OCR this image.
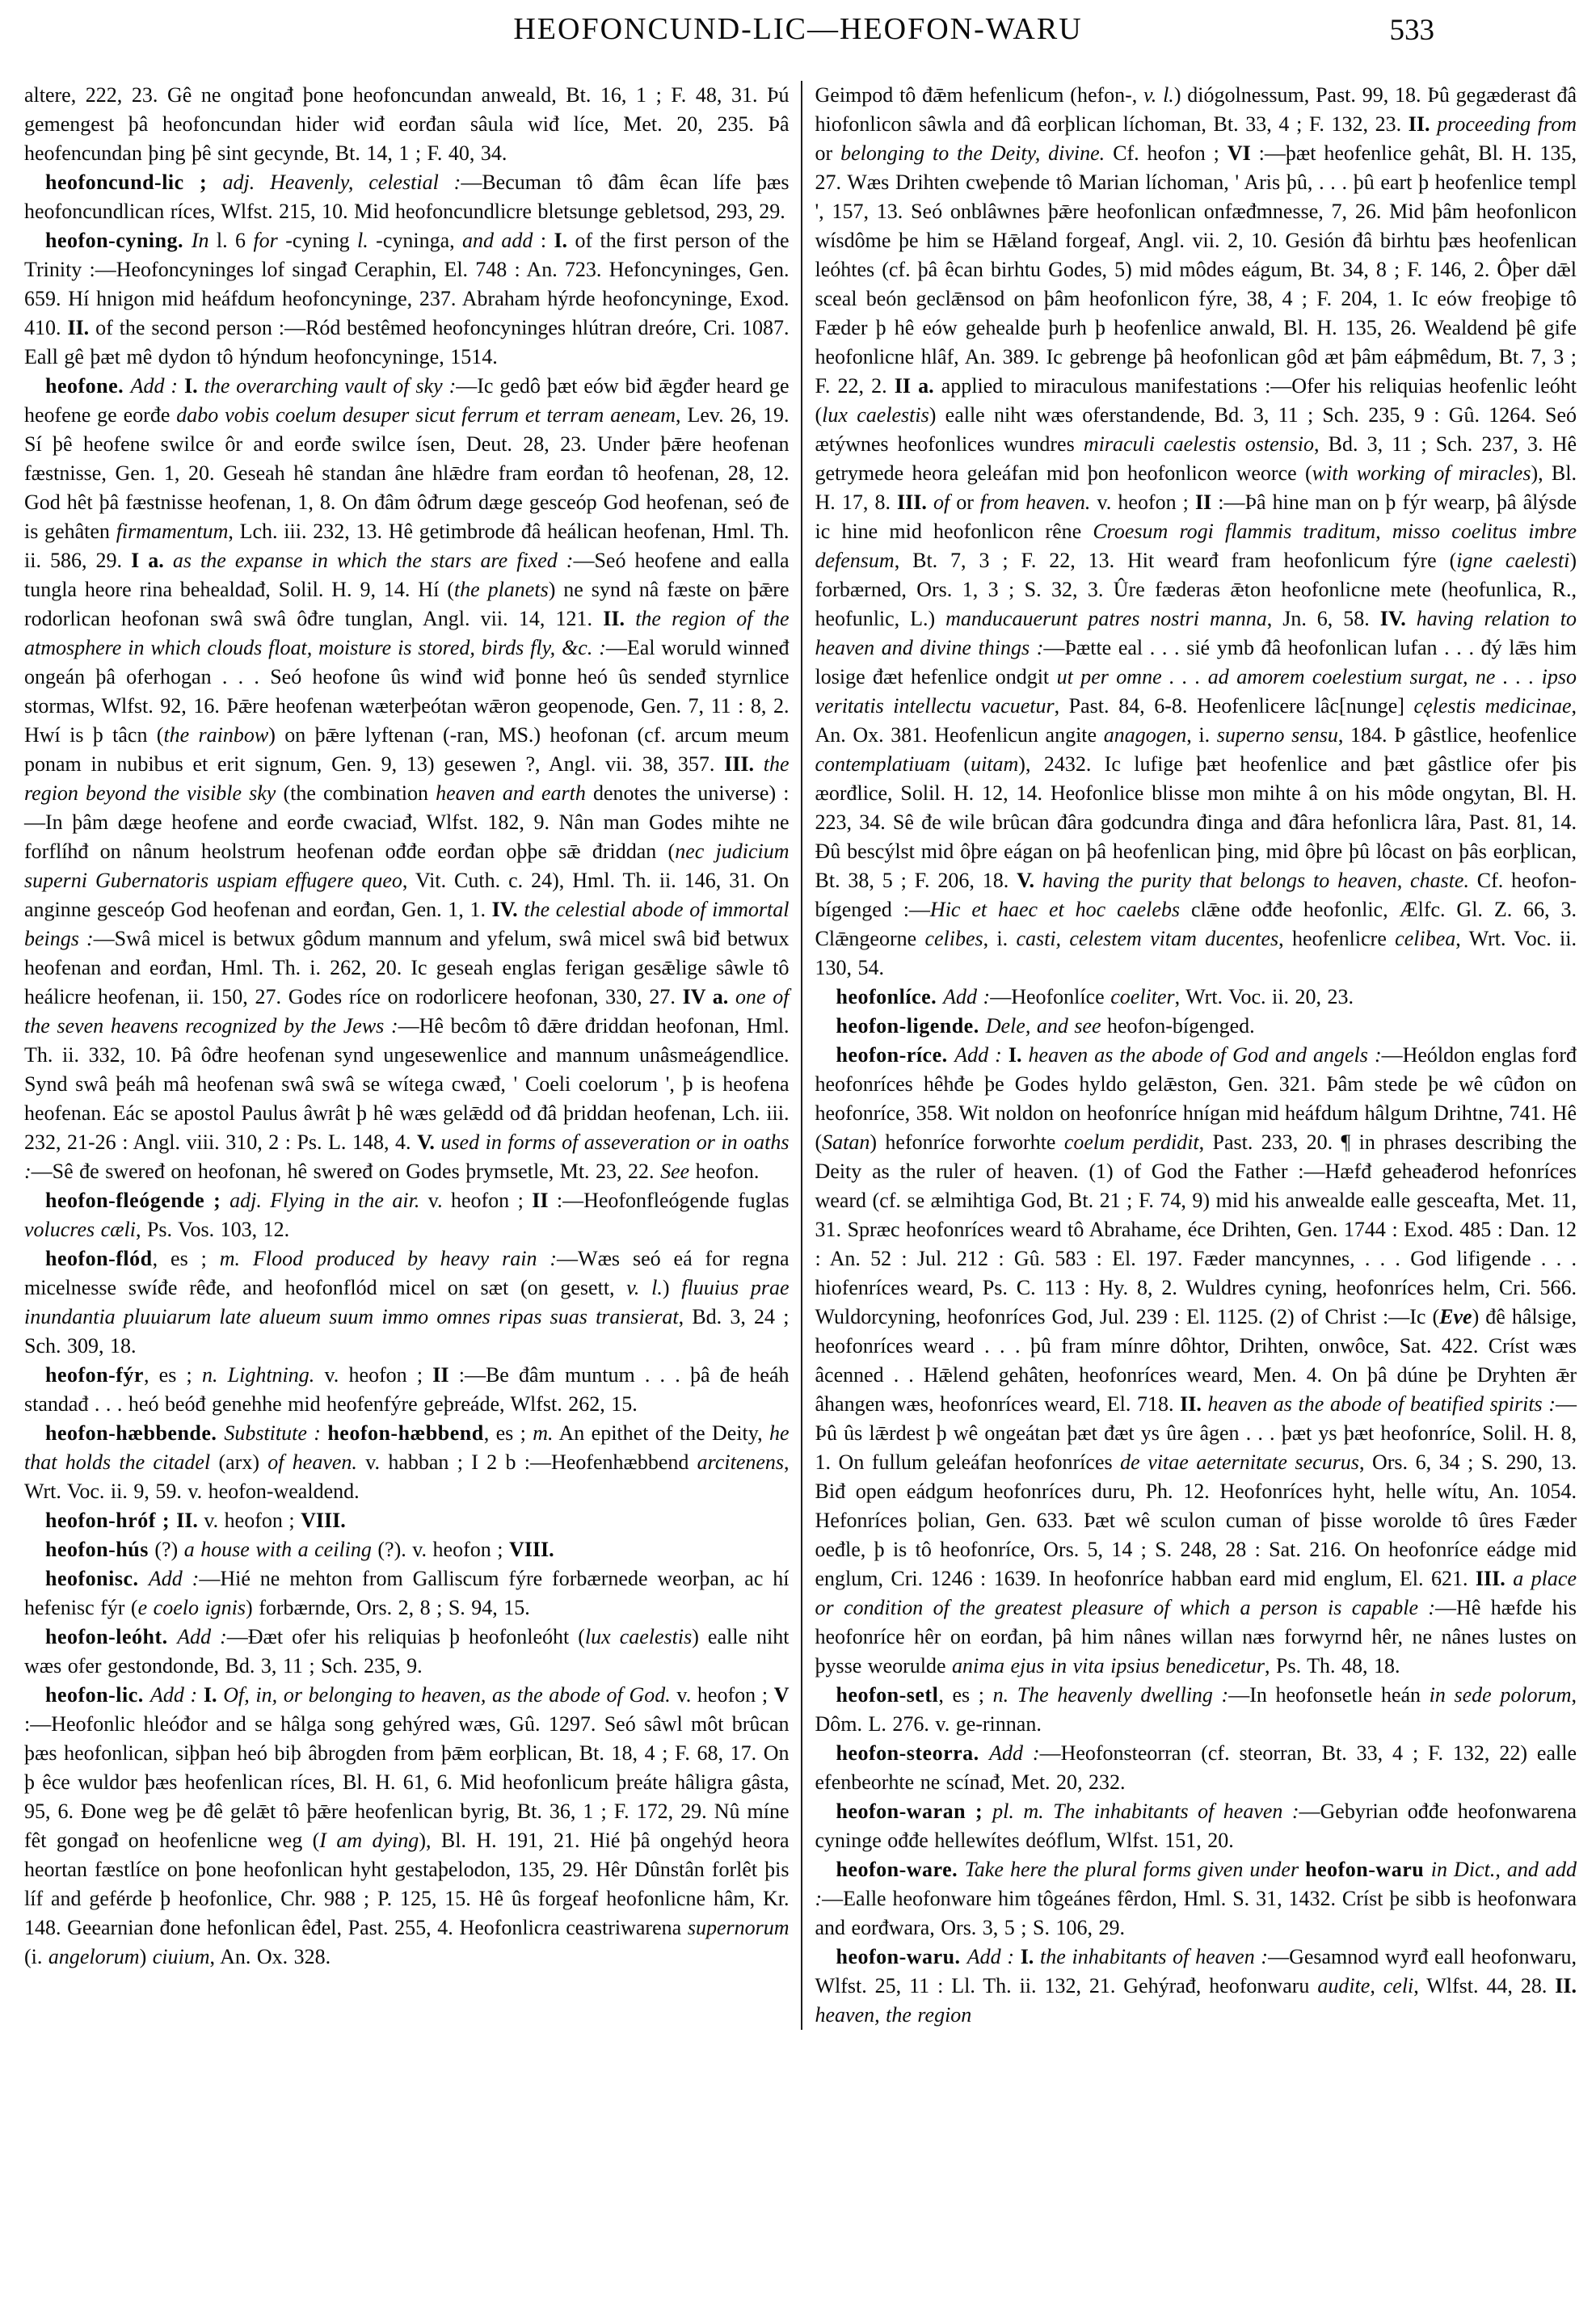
HEOFONCUND-LIC—HEOFON-WARU	533

altere, 222, 23. Gê ne ongitađ þone heofoncundan anweald, Bt. 16, 1 ; F. 48, 31. Þú gemengest þâ heofoncundan hider wiđ eorđan sâula wiđ líce, Met. 20, 235. Þâ heofencundan þing þê sint gecynde, Bt. 14, 1 ; F. 40, 34.

heofoncund-lic ; adj. Heavenly, celestial :—Becuman tô đâm êcan lífe þæs heofoncundlican ríces, Wlfst. 215, 10. Mid heofoncundlicre bletsunge gebletsod, 293, 29.

heofon-cyning. In l. 6 for -cyning l. -cyninga, and add : I. of the first person of the Trinity :—Heofoncyninges lof singađ Ceraphin, El. 748 : An. 723. Hefoncyninges, Gen. 659. Hí hnigon mid heáfdum heofoncyninge, 237. Abraham hýrde heofoncyninge, Exod. 410. II. of the second person :—Ród bestêmed heofoncyninges hlútran dreóre, Cri. 1087. Eall gê þæt mê dydon tô hýndum heofoncyninge, 1514.

heofone. Add : I. the overarching vault of sky :—Ic gedô þæt eów biđ ǣgđer heard ge heofene ge eorđe dabo vobis coelum desuper sicut ferrum et terram aeneam, Lev. 26, 19. Sí þê heofene swilce ôr and eorđe swilce ísen, Deut. 28, 23. Under þǣre heofenan fæstnisse, Gen. 1, 20. Geseah hê standan âne hlǣdre fram eorđan tô heofenan, 28, 12. God hêt þâ fæstnisse heofenan, 1, 8. On đâm ôđrum dæge gesceóp God heofenan, seó đe is gehâten firmamentum, Lch. iii. 232, 13. Hê getimbrode đâ heálican heofenan, Hml. Th. ii. 586, 29. I a. as the expanse in which the stars are fixed :—Seó heofene and ealla tungla heore rina behealdađ, Solil. H. 9, 14. Hí (the planets) ne synd nâ fæste on þǣre rodorlican heofonan swâ swâ ôđre tunglan, Angl. vii. 14, 121. II. the region of the atmosphere in which clouds float, moisture is stored, birds fly, &c. :—Eal woruld winneđ ongeán þâ oferhogan . . . Seó heofone ûs winđ wiđ þonne heó ûs sendeđ styrnlice stormas, Wlfst. 92, 16. Þǣre heofenan wæterþeótan wǣron geopenode, Gen. 7, 11 : 8, 2. Hwí is þ tâcn (the rainbow) on þǣre lyftenan (-ran, MS.) heofonan (cf. arcum meum ponam in nubibus et erit signum, Gen. 9, 13) gesewen ?, Angl. vii. 38, 357. III. the region beyond the visible sky (the combination heaven and earth denotes the universe) :—In þâm dæge heofene and eorđe cwaciađ, Wlfst. 182, 9. Nân man Godes mihte ne forflíhđ on nânum heolstrum heofenan ođđe eorđan oþþe sǣ đriddan (nec judicium superni Gubernatoris uspiam effugere queo, Vit. Cuth. c. 24), Hml. Th. ii. 146, 31. On anginne gesceóp God heofenan and eorđan, Gen. 1, 1. IV. the celestial abode of immortal beings :—Swâ micel is betwux gôdum mannum and yfelum, swâ micel swâ biđ betwux heofenan and eorđan, Hml. Th. i. 262, 20. Ic geseah englas ferigan gesǣlige sâwle tô heálicre heofenan, ii. 150, 27. Godes ríce on rodorlicere heofonan, 330, 27. IV a. one of the seven heavens recognized by the Jews :—Hê becôm tô đǣre đriddan heofonan, Hml. Th. ii. 332, 10. Þâ ôđre heofenan synd ungesewenlice and mannum unâsmeágendlice. Synd swâ þeáh mâ heofenan swâ swâ se wítega cwæđ, ' Coeli coelorum ', þ is heofena heofenan. Eác se apostol Paulus âwrât þ hê wæs gelǣdd ođ đâ þriddan heofenan, Lch. iii. 232, 21-26 : Angl. viii. 310, 2 : Ps. L. 148, 4. V. used in forms of asseveration or in oaths :—Sê đe sweređ on heofonan, hê sweređ on Godes þrymsetle, Mt. 23, 22. See heofon.

heofon-fleógende ; adj. Flying in the air. v. heofon ; II :—Heofonfleógende fuglas volucres cæli, Ps. Vos. 103, 12.

heofon-flód, es ; m. Flood produced by heavy rain :—Wæs seó eá for regna micelnesse swíđe rêđe, and heofonflód micel on sæt (on gesett, v. l.) fluuius prae inundantia pluuiarum late alueum suum immo omnes ripas suas transierat, Bd. 3, 24 ; Sch. 309, 18.

heofon-fýr, es ; n. Lightning. v. heofon ; II :—Be đâm muntum . . . þâ đe heáh standađ . . . heó beóđ genehhe mid heofenfýre geþreáde, Wlfst. 262, 15.

heofon-hæbbende. Substitute : heofon-hæbbend, es ; m. An epithet of the Deity, he that holds the citadel (arx) of heaven. v. habban ; I 2 b :—Heofenhæbbend arcitenens, Wrt. Voc. ii. 9, 59. v. heofon-wealdend.

heofon-hróf ; II. v. heofon ; VIII.

heofon-hús (?) a house with a ceiling (?). v. heofon ; VIII.

heofonisc. Add :—Hié ne mehton from Galliscum fýre forbærnede weorþan, ac hí hefenisc fýr (e coelo ignis) forbærnde, Ors. 2, 8 ; S. 94, 15.

heofon-leóht. Add :—Đæt ofer his reliquias þ heofonleóht (lux caelestis) ealle niht wæs ofer gestondonde, Bd. 3, 11 ; Sch. 235, 9.

heofon-lic. Add : I. Of, in, or belonging to heaven, as the abode of God. v. heofon ; V :—Heofonlic hleóđor and se hâlga song gehýred wæs, Gû. 1297. Seó sâwl môt brûcan þæs heofonlican, siþþan heó biþ âbrogden from þǣm eorþlican, Bt. 18, 4 ; F. 68, 17. On þ êce wuldor þæs heofenlican ríces, Bl. H. 61, 6. Mid heofonlicum þreáte hâligra gâsta, 95, 6. Đone weg þe đê gelǣt tô þǣre heofenlican byrig, Bt. 36, 1 ; F. 172, 29. Nû míne fêt gongađ on heofenlicne weg (I am dying), Bl. H. 191, 21. Hié þâ ongehýd heora heortan fæstlíce on þone heofonlican hyht gestaþelodon, 135, 29. Hêr Dûnstân forlêt þis líf and geférde þ heofonlice, Chr. 988 ; P. 125, 15. Hê ûs forgeaf heofonlicne hâm, Kr. 148. Geearnian đone hefonlican êđel, Past. 255, 4. Heofonlicra ceastriwarena supernorum (i. angelorum) ciuium, An. Ox. 328.

Geimpod tô đǣm hefenlicum (hefon-, v. l.) diógolnessum, Past. 99, 18. Þû gegæderast đâ hiofonlicon sâwla and đâ eorþlican líchoman, Bt. 33, 4 ; F. 132, 23. II. proceeding from or belonging to the Deity, divine. Cf. heofon ; VI :—þæt heofenlice gehât, Bl. H. 135, 27. Wæs Drihten cweþende tô Marian líchoman, ' Aris þû, . . . þû eart þ heofenlice templ ', 157, 13. Seó onblâwnes þǣre heofonlican onfæđmnesse, 7, 26. Mid þâm heofonlicon wísdôme þe him se Hǣland forgeaf, Angl. vii. 2, 10. Gesión đâ birhtu þæs heofenlican leóhtes (cf. þâ êcan birhtu Godes, 5) mid môdes eágum, Bt. 34, 8 ; F. 146, 2. Ôþer dǣl sceal beón geclǣnsod on þâm heofonlicon fýre, 38, 4 ; F. 204, 1. Ic eów freoþige tô Fæder þ hê eów gehealde þurh þ heofenlice anwald, Bl. H. 135, 26. Wealdend þê gife heofonlicne hlâf, An. 389. Ic gebrenge þâ heofonlican gôd æt þâm eáþmêdum, Bt. 7, 3 ; F. 22, 2. II a. applied to miraculous manifestations :—Ofer his reliquias heofenlic leóht (lux caelestis) ealle niht wæs oferstandende, Bd. 3, 11 ; Sch. 235, 9 : Gû. 1264. Seó ætýwnes heofonlices wundres miraculi caelestis ostensio, Bd. 3, 11 ; Sch. 237, 3. Hê getrymede heora geleáfan mid þon heofonlicon weorce (with working of miracles), Bl. H. 17, 8. III. of or from heaven. v. heofon ; II :—Þâ hine man on þ fýr wearp, þâ âlýsde ic hine mid heofonlicon rêne Croesum rogi flammis traditum, misso coelitus imbre defensum, Bt. 7, 3 ; F. 22, 13. Hit wearđ fram heofonlicum fýre (igne caelesti) forbærned, Ors. 1, 3 ; S. 32, 3. Ûre fæderas ǣton heofonlicne mete (heofunlica, R., heofunlic, L.) manducauerunt patres nostri manna, Jn. 6, 58. IV. having relation to heaven and divine things :—Þætte eal . . . sié ymb đâ heofonlican lufan . . . đý lǣs him losige đæt hefenlice ondgit ut per omne . . . ad amorem coelestium surgat, ne . . . ipso veritatis intellectu vacuetur, Past. 84, 6-8. Heofenlicere lâc[nunge] cęlestis medicinae, An. Ox. 381. Heofenlicun angite anagogen, i. superno sensu, 184. Þ gâstlice, heofenlice contemplatiuam (uitam), 2432. Ic lufige þæt heofenlice and þæt gâstlice ofer þis æorđlice, Solil. H. 12, 14. Heofonlice blisse mon mihte â on his môde ongytan, Bl. H. 223, 34. Sê đe wile brûcan đâra godcundra đinga and đâra hefonlicra lâra, Past. 81, 14. Đû bescýlst mid ôþre eágan on þâ heofenlican þing, mid ôþre þû lôcast on þâs eorþlican, Bt. 38, 5 ; F. 206, 18. V. having the purity that belongs to heaven, chaste. Cf. heofon-bígenged :—Hic et haec et hoc caelebs clǣne ođđe heofonlic, Ælfc. Gl. Z. 66, 3. Clǣngeorne celibes, i. casti, celestem vitam ducentes, heofenlicre celibea, Wrt. Voc. ii. 130, 54.

heofonlíce. Add :—Heofonlíce coeliter, Wrt. Voc. ii. 20, 23.

heofon-ligende. Dele, and see heofon-bígenged.

heofon-ríce. Add : I. heaven as the abode of God and angels :—Heóldon englas forđ heofonríces hêhđe þe Godes hyldo gelǣston, Gen. 321. Þâm stede þe wê cûđon on heofonríce, 358. Wit noldon on heofonríce hnígan mid heáfdum hâlgum Drihtne, 741. Hê (Satan) hefonríce forworhte coelum perdidit, Past. 233, 20. ¶ in phrases describing the Deity as the ruler of heaven. (1) of God the Father :—Hæfđ geheađerod hefonríces weard (cf. se ælmihtiga God, Bt. 21 ; F. 74, 9) mid his anwealde ealle gesceafta, Met. 11, 31. Spræc heofonríces weard tô Abrahame, éce Drihten, Gen. 1744 : Exod. 485 : Dan. 12 : An. 52 : Jul. 212 : Gû. 583 : El. 197. Fæder mancynnes, . . . God lifigende . . . hiofenríces weard, Ps. C. 113 : Hy. 8, 2. Wuldres cyning, heofonríces helm, Cri. 566. Wuldorcyning, heofonríces God, Jul. 239 : El. 1125. (2) of Christ :—Ic (Eve) đê hâlsige, heofonríces weard . . . þû fram mínre dôhtor, Drihten, onwôce, Sat. 422. Críst wæs âcenned . . Hǣlend gehâten, heofonríces weard, Men. 4. On þâ dúne þe Dryhten ǣr âhangen wæs, heofonríces weard, El. 718. II. heaven as the abode of beatified spirits :—Þû ûs lǣrdest þ wê ongeátan þæt đæt ys ûre âgen . . . þæt ys þæt heofonríce, Solil. H. 8, 1. On fullum geleáfan heofonríces de vitae aeternitate securus, Ors. 6, 34 ; S. 290, 13. Biđ open eádgum heofonríces duru, Ph. 12. Heofonríces hyht, helle wítu, An. 1054. Hefonríces þolian, Gen. 633. Þæt wê sculon cuman of þisse worolde tô ûres Fæder oeđle, þ is tô heofonríce, Ors. 5, 14 ; S. 248, 28 : Sat. 216. On heofonríce eádge mid englum, Cri. 1246 : 1639. In heofonríce habban eard mid englum, El. 621. III. a place or condition of the greatest pleasure of which a person is capable :—Hê hæfde his heofonríce hêr on eorđan, þâ him nânes willan næs forwyrnd hêr, ne nânes lustes on þysse weorulde anima ejus in vita ipsius benedicetur, Ps. Th. 48, 18.

heofon-setl, es ; n. The heavenly dwelling :—In heofonsetle heán in sede polorum, Dôm. L. 276. v. ge-rinnan.

heofon-steorra. Add :—Heofonsteorran (cf. steorran, Bt. 33, 4 ; F. 132, 22) ealle efenbeorhte ne scínađ, Met. 20, 232.

heofon-waran ; pl. m. The inhabitants of heaven :—Gebyrian ođđe heofonwarena cyninge ođđe hellewítes deóflum, Wlfst. 151, 20.

heofon-ware. Take here the plural forms given under heofon-waru in Dict., and add :—Ealle heofonware him tôgeánes fêrdon, Hml. S. 31, 1432. Críst þe sibb is heofonwara and eorđwara, Ors. 3, 5 ; S. 106, 29.

heofon-waru. Add : I. the inhabitants of heaven :—Gesamnod wyrđ eall heofonwaru, Wlfst. 25, 11 : Ll. Th. ii. 132, 21. Gehýrađ, heofonwaru audite, celi, Wlfst. 44, 28. II. heaven, the region
